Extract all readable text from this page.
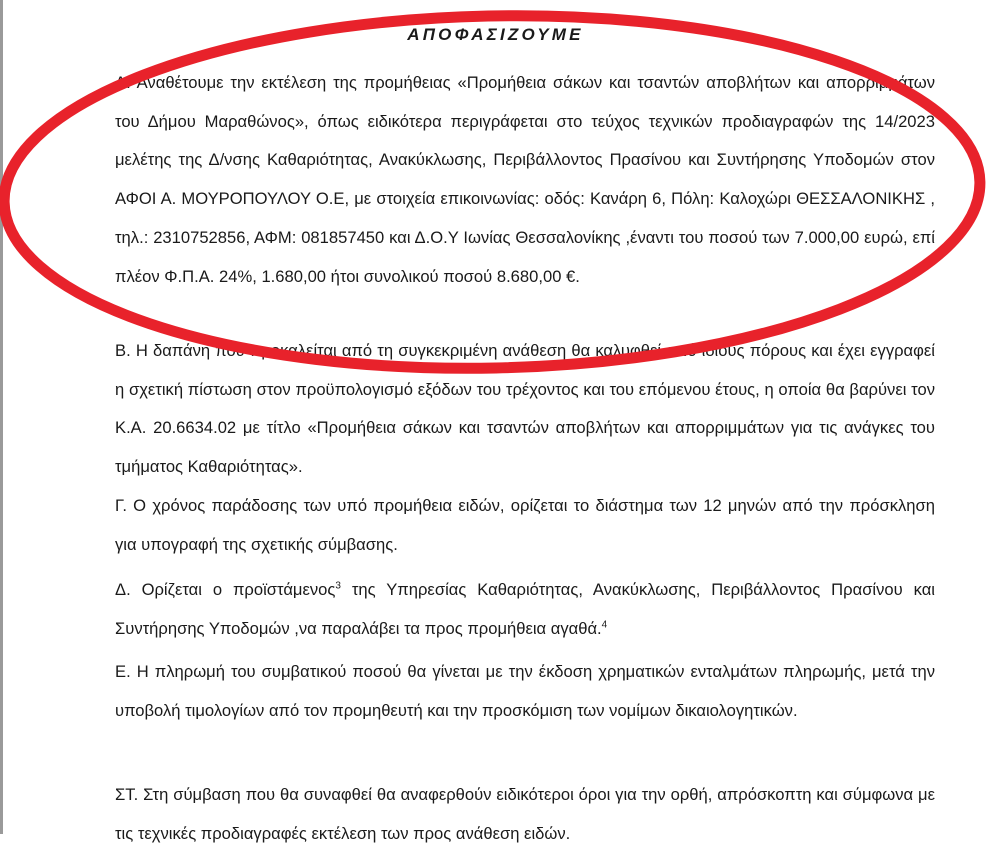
ΑΠΟΦΑΣΙΖΟΥΜΕ

Α. Αναθέτουμε την εκτέλεση της προμήθειας «Προμήθεια σάκων και τσαντών αποβλήτων και απορριμμάτων του Δήμου Μαραθώνος», όπως ειδικότερα περιγράφεται στο τεύχος τεχνικών προδιαγραφών της 14/2023 μελέτης της Δ/νσης Καθαριότητας, Ανακύκλωσης, Περιβάλλοντος Πρασίνου και Συντήρησης Υποδομών στον ΑΦΟΙ Α. ΜΟΥΡΟΠΟΥΛΟΥ Ο.Ε, με στοιχεία επικοινωνίας: οδός: Κανάρη 6, Πόλη: Καλοχώρι ΘΕΣΣΑΛΟΝΙΚΗΣ , τηλ.: 2310752856, ΑΦΜ: 081857450 και Δ.Ο.Υ Ιωνίας Θεσσαλονίκης ,έναντι του ποσού των 7.000,00 ευρώ, επί πλέον Φ.Π.Α. 24%, 1.680,00 ήτοι συνολικού ποσού 8.680,00 €.

Β. Η δαπάνη που προκαλείται από τη συγκεκριμένη ανάθεση θα καλυφθεί από ιδίους πόρους και έχει εγγραφεί η σχετική πίστωση στον προϋπολογισμό εξόδων του τρέχοντος και του επόμενου έτους, η οποία θα βαρύνει τον Κ.Α. 20.6634.02 με τίτλο «Προμήθεια σάκων και τσαντών αποβλήτων και απορριμμάτων για τις ανάγκες του τμήματος Καθαριότητας».

Γ. Ο χρόνος παράδοσης των υπό προμήθεια ειδών, ορίζεται το διάστημα των 12 μηνών από την πρόσκληση για υπογραφή της σχετικής σύμβασης.

Δ. Ορίζεται ο προϊστάμενος$^3$ της Υπηρεσίας Καθαριότητας, Ανακύκλωσης, Περιβάλλοντος Πρασίνου και Συντήρησης Υποδομών ,να παραλάβει τα προς προμήθεια αγαθά.$^4$

Ε. Η πληρωμή του συμβατικού ποσού θα γίνεται με την έκδοση χρηματικών ενταλμάτων πληρωμής, μετά την υποβολή τιμολογίων από τον προμηθευτή και την προσκόμιση των νομίμων δικαιολογητικών.

ΣΤ. Στη σύμβαση που θα συναφθεί θα αναφερθούν ειδικότεροι όροι για την ορθή, απρόσκοπτη και σύμφωνα με τις τεχνικές προδιαγραφές εκτέλεση των προς ανάθεση ειδών.
